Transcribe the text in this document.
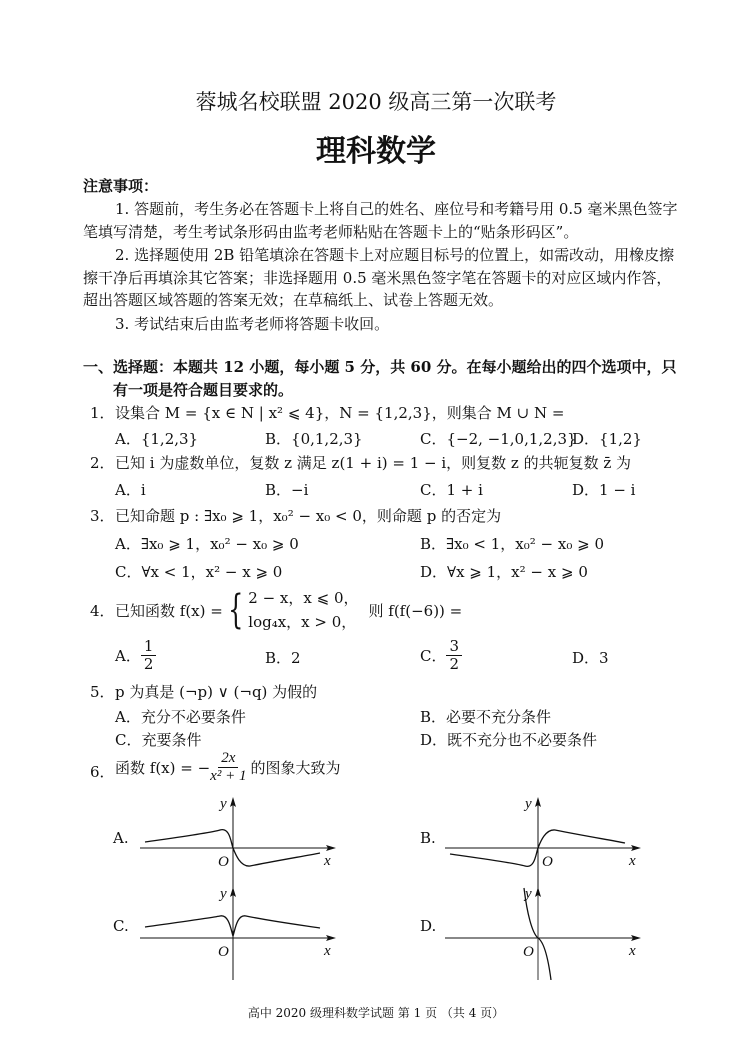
蓉城名校联盟 2020 级高三第一次联考
理科数学
注意事项：
1. 答题前，考生务必在答题卡上将自己的姓名、座位号和考籍号用 0.5 毫米黑色签字
笔填写清楚，考生考试条形码由监考老师粘贴在答题卡上的“贴条形码区”。
2. 选择题使用 2B 铅笔填涂在答题卡上对应题目标号的位置上，如需改动，用橡皮擦
擦干净后再填涂其它答案；非选择题用 0.5 毫米黑色签字笔在答题卡的对应区域内作答，
超出答题区域答题的答案无效；在草稿纸上、试卷上答题无效。
3. 考试结束后由监考老师将答题卡收回。
一、选择题：本题共 12 小题，每小题 5 分，共 60 分。在每小题给出的四个选项中，只
有一项是符合题目要求的。
1． 设集合 M = {x ∈ N | x² ⩽ 4}，N = {1,2,3}，则集合 M ∪ N =
A．{1,2,3}	B．{0,1,2,3}	C．{−2, −1,0,1,2,3}
D．{1,2}
2． 已知 i 为虚数单位，复数 z 满足 z(1 + i) = 1 − i，则复数 z 的共轭复数 z̄ 为
A．i	B．−i	C．1 + i	D．1 − i
3． 已知命题 p : ∃x₀ ⩾ 1，x₀² − x₀ < 0，则命题 p 的否定为
A．∃x₀ ⩾ 1，x₀² − x₀ ⩾ 0	B．∃x₀ < 1，x₀² − x₀ ⩾ 0
C．∀x < 1，x² − x ⩾ 0	D．∀x ⩾ 1，x² − x ⩾ 0
4． 已知函数 f(x) = { 2 − x，x ⩽ 0，
log₄x，x > 0，
则 f(f(−6)) =
A． $\frac{1}{2}$	B．2	C． $\frac{3}{2}$	D．3
5． p 为真是 (¬p) ∨ (¬q) 为假的
A．充分不必要条件	B．必要不充分条件
C．充要条件	D．既不充分也不必要条件
6． 函数 f(x) = − $\frac{2x}{\text{x² + 1}}$ 的图象大致为
A.	B.
C.	D.
y
x
O
y
x
O
y
x
O
y
x
O
高中 2020 级理科数学试题 第 1 页 （共 4 页）
